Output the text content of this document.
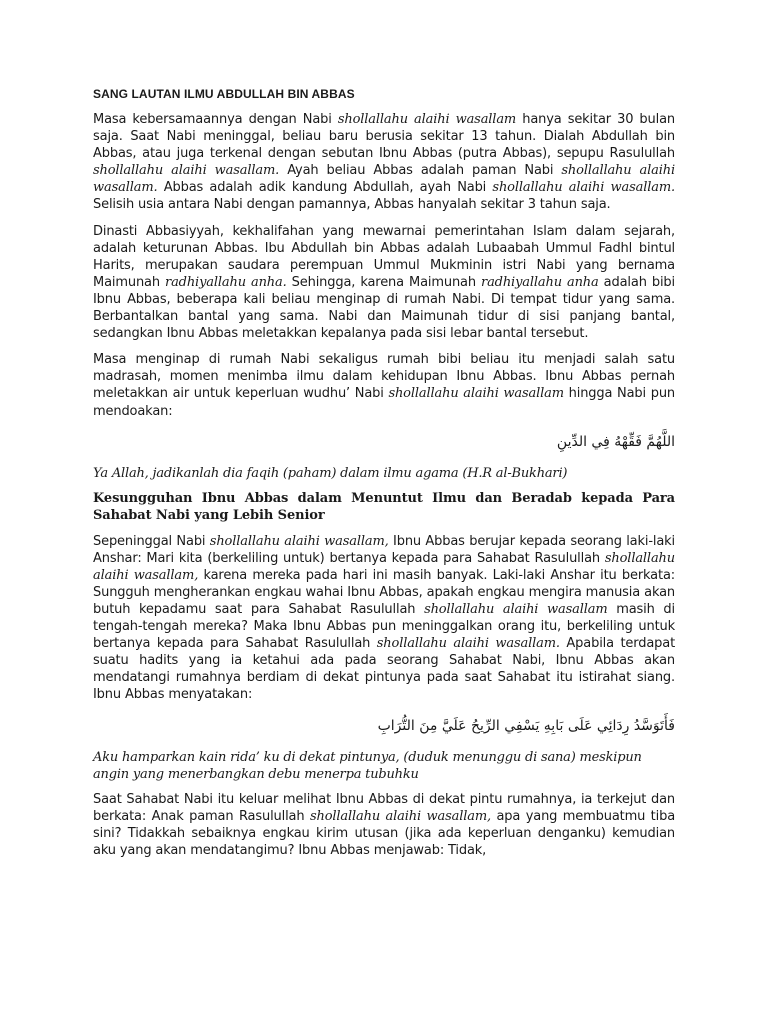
SANG LAUTAN ILMU ABDULLAH BIN ABBAS

Masa kebersamaannya dengan Nabi shollallahu alaihi wasallam hanya sekitar 30 bulan saja. Saat Nabi meninggal, beliau baru berusia sekitar 13 tahun. Dialah Abdullah bin Abbas, atau juga terkenal dengan sebutan Ibnu Abbas (putra Abbas), sepupu Rasulullah shollallahu alaihi wasallam. Ayah beliau Abbas adalah paman Nabi shollallahu alaihi wasallam. Abbas adalah adik kandung Abdullah, ayah Nabi shollallahu alaihi wasallam. Selisih usia antara Nabi dengan pamannya, Abbas hanyalah sekitar 3 tahun saja.

Dinasti Abbasiyyah, kekhalifahan yang mewarnai pemerintahan Islam dalam sejarah, adalah keturunan Abbas. Ibu Abdullah bin Abbas adalah Lubaabah Ummul Fadhl bintul Harits, merupakan saudara perempuan Ummul Mukminin istri Nabi yang bernama Maimunah radhiyallahu anha. Sehingga, karena Maimunah radhiyallahu anha adalah bibi Ibnu Abbas, beberapa kali beliau menginap di rumah Nabi. Di tempat tidur yang sama. Berbantalkan bantal yang sama. Nabi dan Maimunah tidur di sisi panjang bantal, sedangkan Ibnu Abbas meletakkan kepalanya pada sisi lebar bantal tersebut.

Masa menginap di rumah Nabi sekaligus rumah bibi beliau itu menjadi salah satu madrasah, momen menimba ilmu dalam kehidupan Ibnu Abbas. Ibnu Abbas pernah meletakkan air untuk keperluan wudhu’ Nabi shollallahu alaihi wasallam hingga Nabi pun mendoakan:

اللَّهُمَّ فَقِّهْهُ فِي الدِّينِ
Ya Allah, jadikanlah dia faqih (paham) dalam ilmu agama (H.R al-Bukhari)
Kesungguhan Ibnu Abbas dalam Menuntut Ilmu dan Beradab kepada Para Sahabat Nabi yang Lebih Senior

Sepeninggal Nabi shollallahu alaihi wasallam, Ibnu Abbas berujar kepada seorang laki-laki Anshar: Mari kita (berkeliling untuk) bertanya kepada para Sahabat Rasulullah shollallahu alaihi wasallam, karena mereka pada hari ini masih banyak. Laki-laki Anshar itu berkata: Sungguh mengherankan engkau wahai Ibnu Abbas, apakah engkau mengira manusia akan butuh kepadamu saat para Sahabat Rasulullah shollallahu alaihi wasallam masih di tengah-tengah mereka? Maka Ibnu Abbas pun meninggalkan orang itu, berkeliling untuk bertanya kepada para Sahabat Rasulullah shollallahu alaihi wasallam. Apabila terdapat suatu hadits yang ia ketahui ada pada seorang Sahabat Nabi, Ibnu Abbas akan mendatangi rumahnya berdiam di dekat pintunya pada saat Sahabat itu istirahat siang. Ibnu Abbas menyatakan:

فَأَتَوَسَّدُ رِدَائِي عَلَى بَابِهِ يَسْفِي الرِّيحُ عَلَيَّ مِنَ التُّرَابِ
Aku hamparkan kain rida’ ku di dekat pintunya, (duduk menunggu di sana) meskipun angin yang menerbangkan debu menerpa tubuhku

Saat Sahabat Nabi itu keluar melihat Ibnu Abbas di dekat pintu rumahnya, ia terkejut dan berkata: Anak paman Rasulullah shollallahu alaihi wasallam, apa yang membuatmu tiba sini? Tidakkah sebaiknya engkau kirim utusan (jika ada keperluan denganku) kemudian aku yang akan mendatangimu? Ibnu Abbas menjawab: Tidak,
